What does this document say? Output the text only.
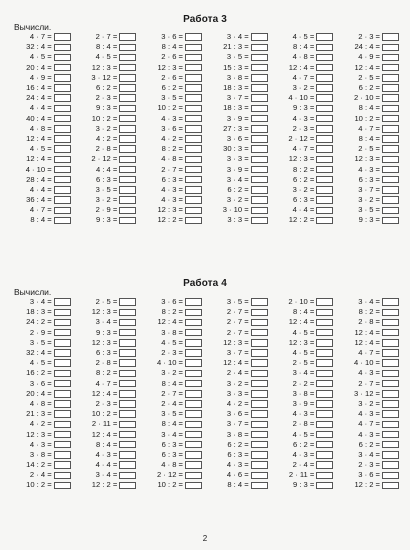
Работа 3
Вычисли.
4 · 7 =
32 : 4 =
4 · 5 =
20 : 4 =
4 · 9 =
16 : 4 =
24 : 4 =
4 · 4 =
40 : 4 =
4 · 8 =
12 : 4 =
4 · 5 =
12 : 4 =
4 · 10 =
28 : 4 =
4 · 4 =
36 : 4 =
4 · 7 =
8 : 4 =
2 · 7 =
8 : 4 =
4 · 5 =
12 : 3 =
3 · 12 =
6 : 2 =
2 · 3 =
9 : 3 =
10 : 2 =
3 · 2 =
4 : 2 =
2 · 8 =
2 · 12 =
4 : 4 =
6 : 3 =
3 · 5 =
3 · 2 =
2 · 9 =
9 : 3 =
3 · 6 =
8 : 4 =
2 · 6 =
12 : 3 =
2 · 6 =
6 : 2 =
3 · 5 =
10 : 2 =
4 · 3 =
3 · 6 =
4 · 2 =
8 : 2 =
4 · 8 =
2 · 7 =
6 : 3 =
4 · 3 =
4 · 3 =
12 : 3 =
12 : 2 =
3 · 4 =
21 : 3 =
3 · 5 =
15 : 3 =
3 · 8 =
18 : 3 =
3 · 7 =
18 : 3 =
3 · 9 =
27 : 3 =
3 · 6 =
30 : 3 =
3 · 3 =
3 · 9 =
3 · 4 =
6 : 2 =
3 · 2 =
3 · 10 =
3 : 3 =
4 · 5 =
8 : 4 =
4 · 8 =
12 : 4 =
4 · 7 =
3 · 2 =
4 · 10 =
9 : 3 =
4 · 3 =
2 · 3 =
2 · 12 =
4 · 7 =
12 : 3 =
8 : 2 =
6 : 2 =
3 · 2 =
6 : 3 =
4 · 4 =
12 : 2 =
2 · 3 =
24 : 4 =
4 · 9 =
12 : 4 =
2 · 5 =
6 : 2 =
2 · 10 =
8 : 4 =
10 : 2 =
4 · 7 =
8 : 4 =
2 · 5 =
12 : 3 =
4 · 3 =
6 : 3 =
3 · 7 =
3 · 2 =
3 · 5 =
9 : 3 =
Работа 4
Вычисли.
3 · 4 =
18 : 3 =
24 : 2 =
2 · 9 =
3 · 5 =
32 : 4 =
4 · 5 =
16 : 2 =
3 · 6 =
20 : 4 =
4 · 8 =
21 : 3 =
4 · 2 =
12 : 3 =
4 · 3 =
3 · 8 =
14 : 2 =
2 · 4 =
10 : 2 =
2 · 5 =
12 : 3 =
3 · 4 =
9 : 3 =
12 : 3 =
6 : 3 =
2 · 8 =
8 : 2 =
4 · 7 =
12 : 4 =
2 · 3 =
10 : 2 =
2 · 11 =
12 : 4 =
8 : 4 =
4 · 3 =
4 · 4 =
3 · 4 =
12 : 2 =
3 · 6 =
8 : 2 =
12 : 4 =
3 · 8 =
4 · 5 =
2 · 3 =
4 · 10 =
3 · 2 =
8 : 4 =
2 · 7 =
2 · 4 =
3 · 5 =
8 : 4 =
3 · 4 =
6 : 3 =
6 : 3 =
4 · 8 =
2 · 12 =
10 : 2 =
3 · 5 =
2 · 7 =
2 · 7 =
2 · 7 =
12 : 3 =
3 · 7 =
12 : 4 =
2 · 4 =
3 · 2 =
3 · 3 =
4 · 2 =
3 · 6 =
3 · 7 =
3 · 8 =
6 : 2 =
6 : 3 =
4 · 3 =
4 · 6 =
8 : 4 =
2 · 10 =
8 : 4 =
12 : 4 =
4 · 5 =
12 : 3 =
4 · 5 =
2 · 5 =
3 · 4 =
2 · 2 =
3 · 8 =
3 · 9 =
4 · 3 =
2 · 8 =
4 · 5 =
6 : 2 =
4 · 3 =
2 · 4 =
2 · 11 =
9 : 3 =
3 · 4 =
8 : 2 =
2 · 8 =
12 : 4 =
12 : 4 =
4 · 7 =
4 · 10 =
4 · 3 =
2 · 7 =
3 · 12 =
3 · 2 =
4 · 3 =
4 · 7 =
4 · 3 =
6 : 2 =
3 · 4 =
2 · 3 =
3 · 6 =
12 : 2 =
2
